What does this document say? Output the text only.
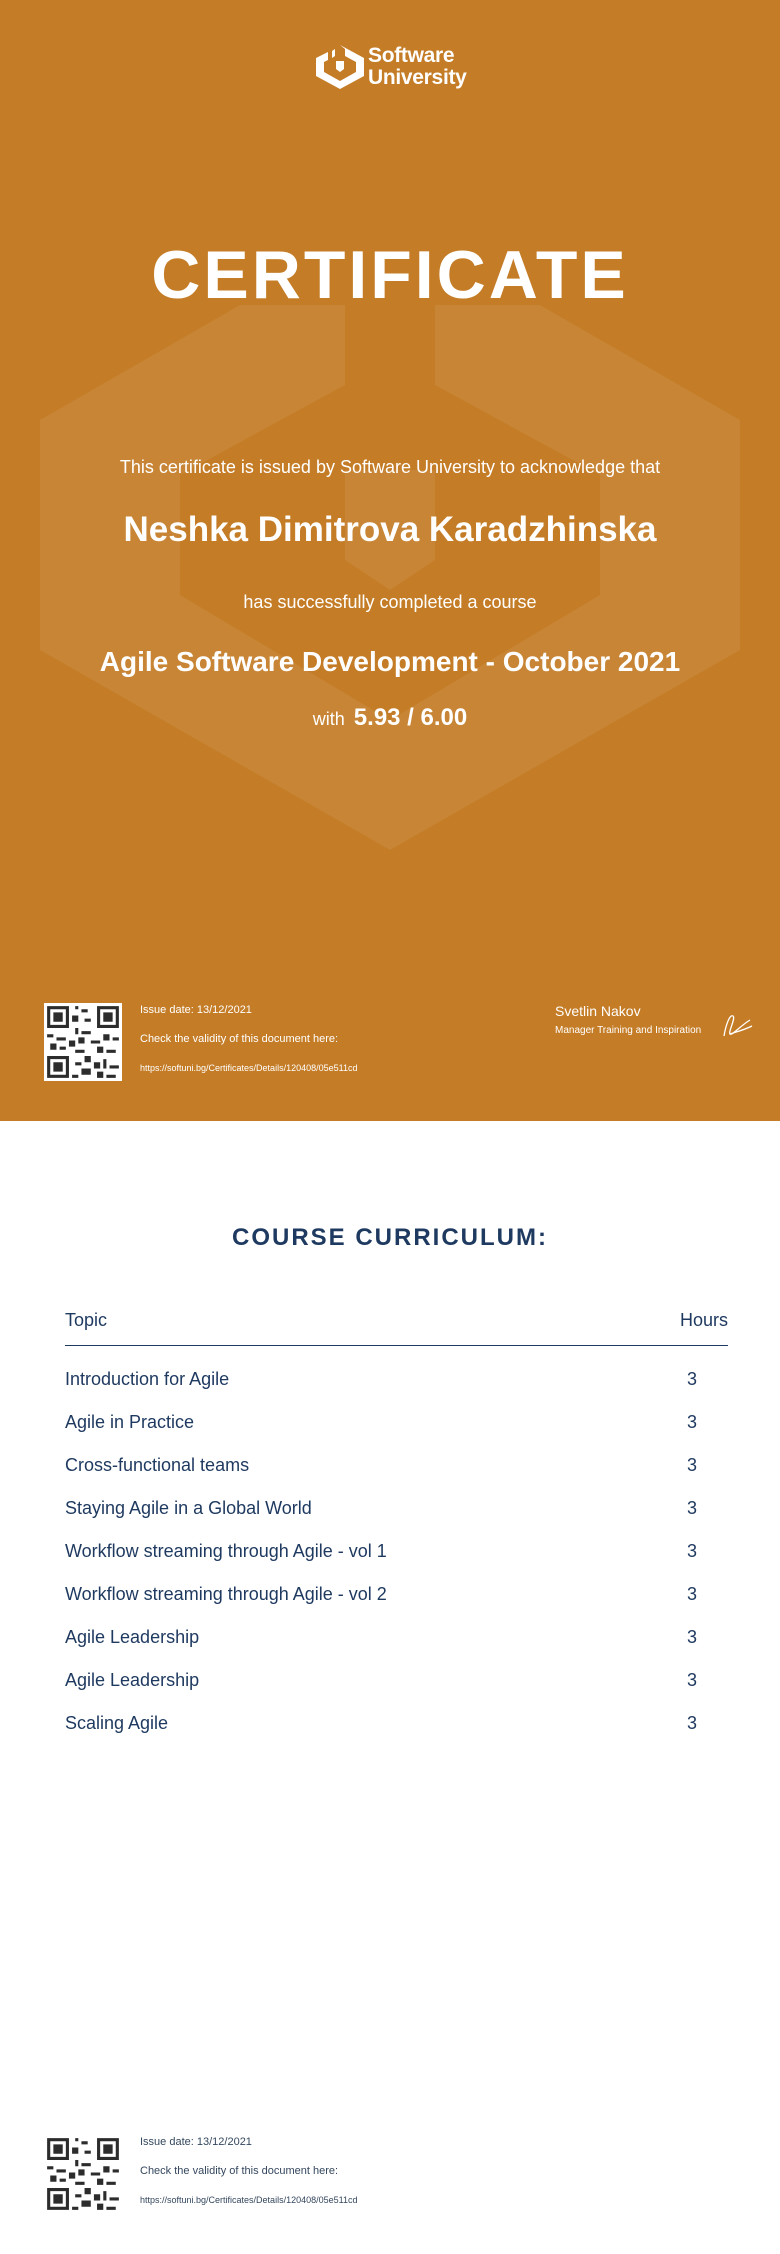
Software
University
CERTIFICATE
This certificate is issued by Software University to acknowledge that
Neshka Dimitrova Karadzhinska
has successfully completed a course
Agile Software Development - October 2021
with 5.93 / 6.00
Issue date: 13/12/2021
Check the validity of this document here:
https://softuni.bg/Certificates/Details/120408/05e511cd
Svetlin Nakov
Manager Training and Inspiration
COURSE CURRICULUM:
Topic	Hours
Introduction for Agile	3
Agile in Practice	3
Cross-functional teams	3
Staying Agile in a Global World	3
Workflow streaming through Agile - vol 1	3
Workflow streaming through Agile - vol 2	3
Agile Leadership	3
Agile Leadership	3
Scaling Agile	3
Issue date: 13/12/2021
Check the validity of this document here:
https://softuni.bg/Certificates/Details/120408/05e511cd
